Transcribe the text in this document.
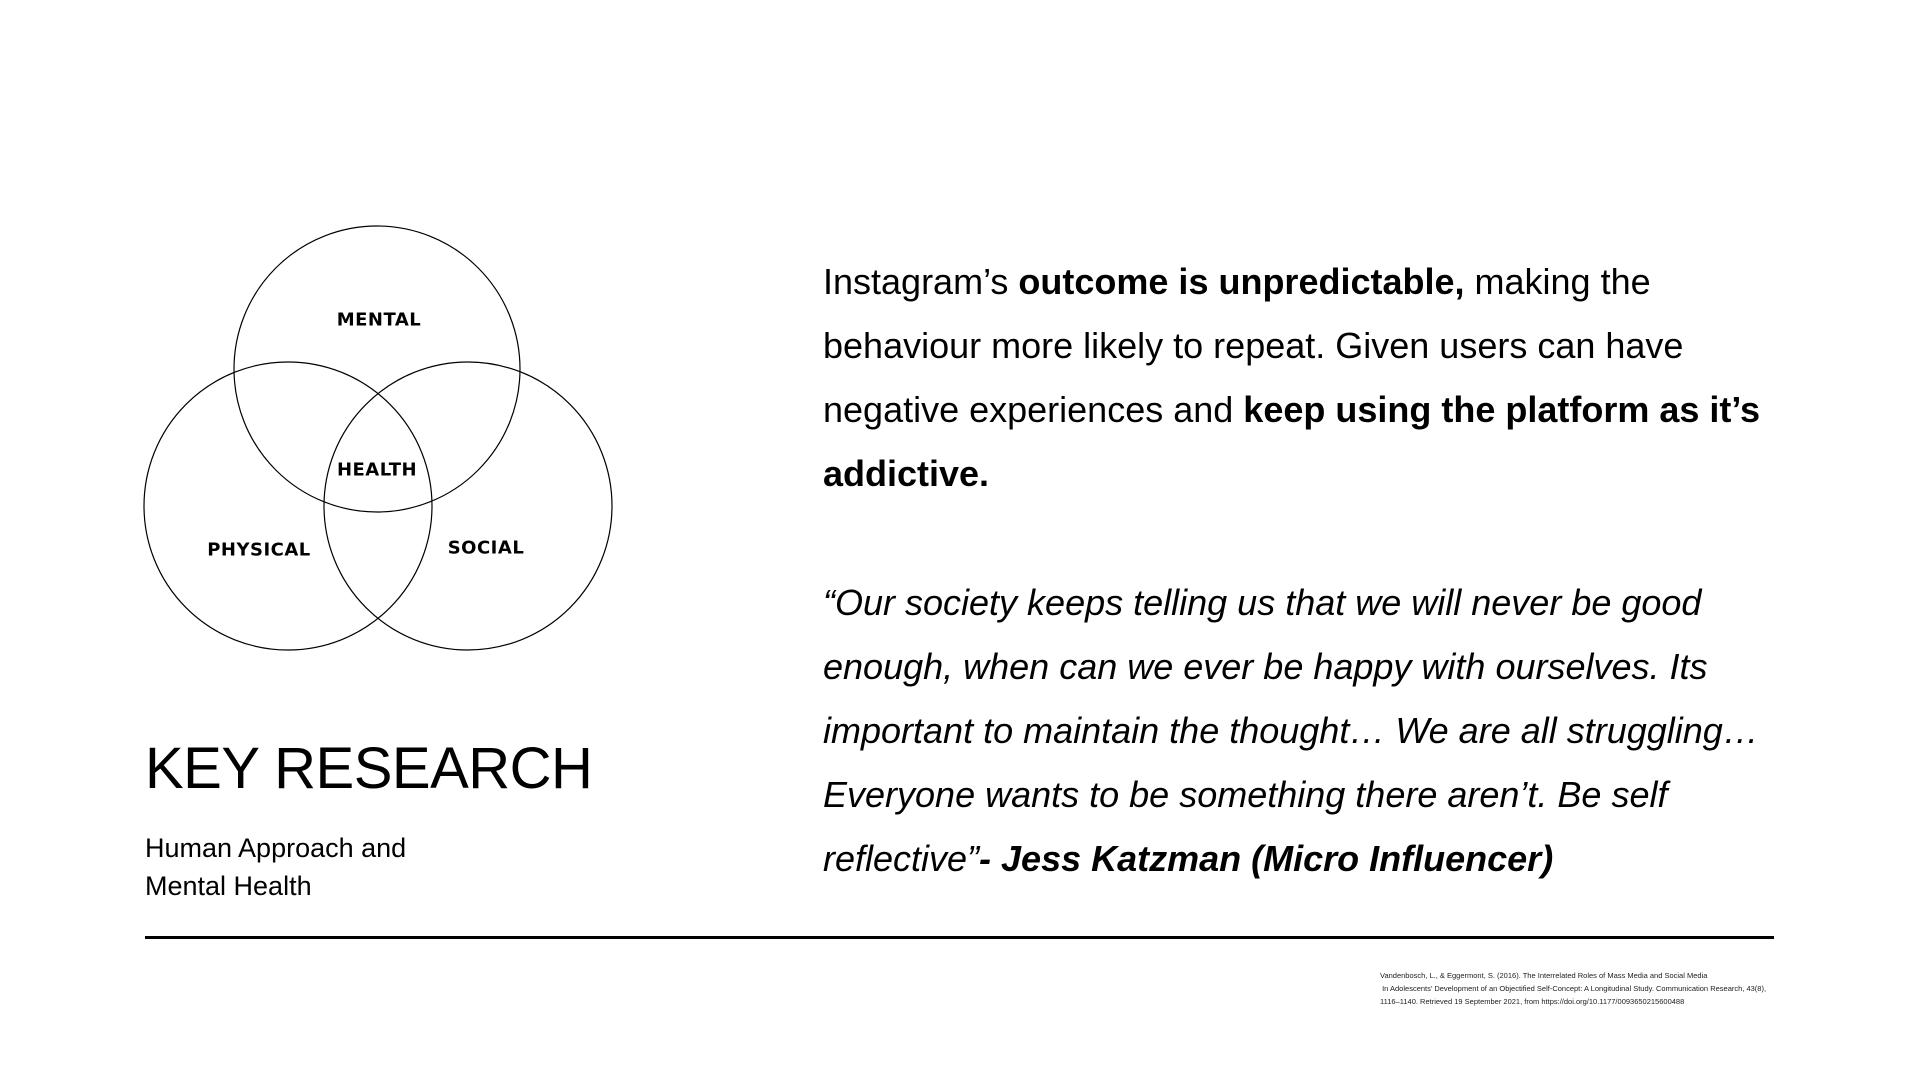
MENTAL
HEALTH
PHYSICAL	SOCIAL
KEY RESEARCH

Human Approach and
Mental Health

Instagram’s outcome is unpredictable, making the behaviour more likely to repeat. Given users can have negative experiences and keep using the platform as it’s addictive.

“Our society keeps telling us that we will never be good enough, when can we ever be happy with ourselves. Its important to maintain the thought… We are all struggling… Everyone wants to be something there aren’t. Be self reflective”- Jess Katzman (Micro Influencer)

Vandenbosch, L., & Eggermont, S. (2016). The Interrelated Roles of Mass Media and Social Media
In Adolescents’ Development of an Objectified Self-Concept: A Longitudinal Study. Communication Research, 43(8),
1116–1140. Retrieved 19 September 2021, from https://doi.org/10.1177/0093650215600488
